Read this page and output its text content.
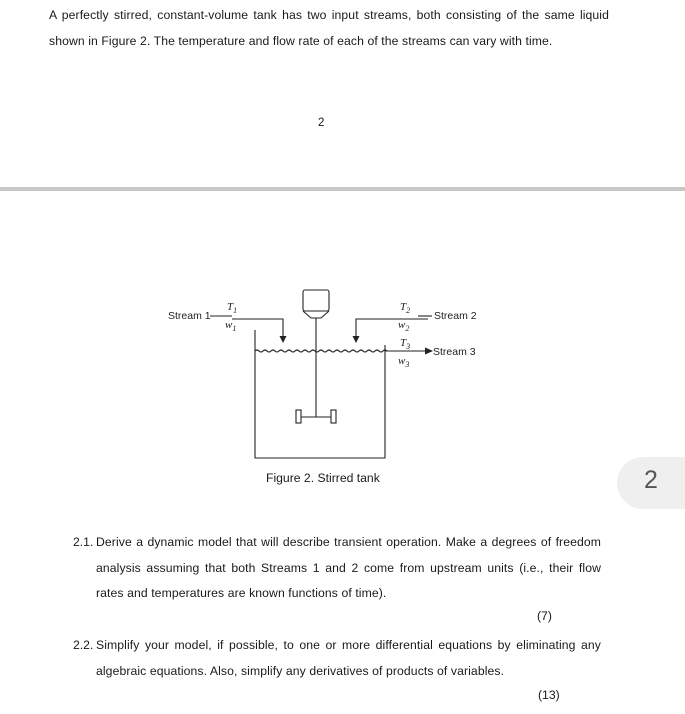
A perfectly stirred, constant-volume tank has two input streams, both consisting of the same liquid shown in Figure 2. The temperature and flow rate of each of the streams can vary with time.
2
Stream 1	Stream 2
Stream 3
$T_1$
$w_1$
$T_2$
$w_2$
$T_3$
$w_3$
Figure 2. Stirred tank	2
2.1. Derive a dynamic model that will describe transient operation. Make a degrees of freedom analysis assuming that both Streams 1 and 2 come from upstream units (i.e., their flow rates and temperatures are known functions of time).
(7)
2.2. Simplify your model, if possible, to one or more differential equations by eliminating any algebraic equations. Also, simplify any derivatives of products of variables.
(13)
